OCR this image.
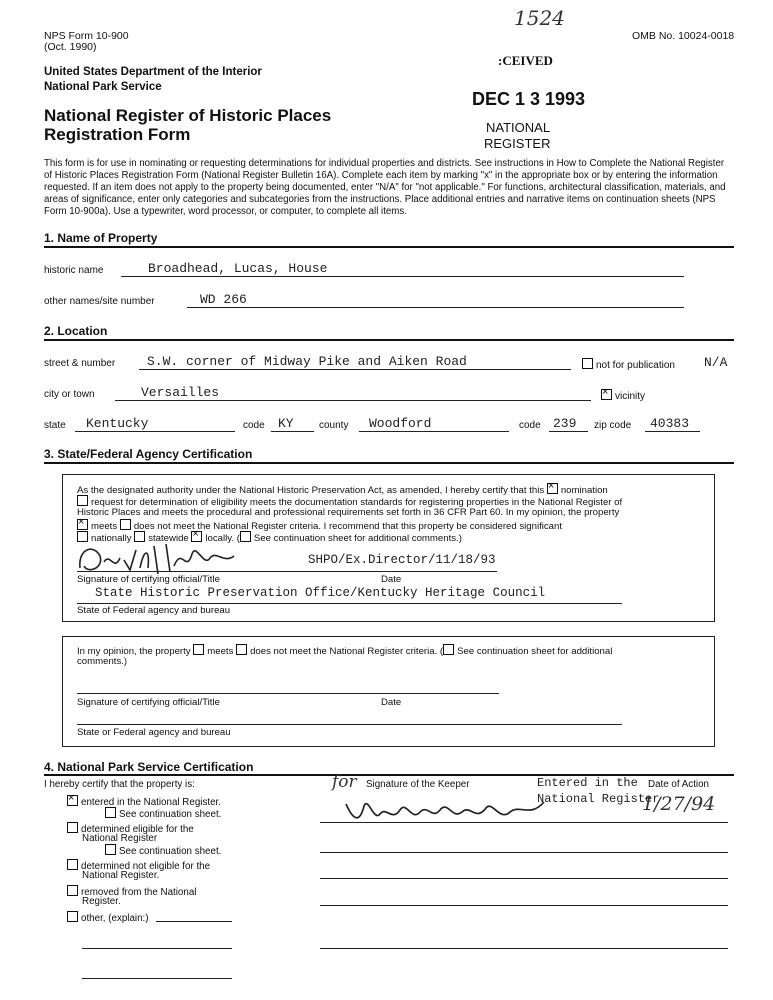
NPS Form 10-900
(Oct. 1990)
OMB No. 10024-0018
1524
United States Department of the Interior
National Park Service
National Register of Historic Places
Registration Form
:CEIVED
DEC 1 3 1993
NATIONAL
REGISTER
This form is for use in nominating or requesting determinations for individual properties and districts. See instructions in How to Complete the National Register of Historic Places Registration Form (National Register Bulletin 16A). Complete each item by marking "x" in the appropriate box or by entering the information requested. If an item does not apply to the property being documented, enter "N/A" for "not applicable." For functions, architectural classification, materials, and areas of significance, enter only categories and subcategories from the instructions. Place additional entries and narrative items on continuation sheets (NPS Form 10-900a). Use a typewriter, word processor, or computer, to complete all items.
1. Name of Property
historic name	Broadhead, Lucas, House
other names/site number	WD 266
2. Location
street & number S.W. corner of Midway Pike and Aiken Road	not for publication N/A
city or town	Versailles ×	vicinity
state Kentucky	code KY	county Woodford	code 239 zip code 40383
3. State/Federal Agency Certification
As the designated authority under the National Historic Preservation Act, as amended, I hereby certify that this × nomination
request for determination of eligibility meets the documentation standards for registering properties in the National Register of
Historic Places and meets the procedural and professional requirements set forth in 36 CFR Part 60. In my opinion, the property
×meets does not meet the National Register criteria. I recommend that this property be considered significant
nationally statewide × locally. ( See continuation sheet for additional comments.)
SHPO/Ex.Director/11/18/93
Signature of certifying official/Title	Date
State Historic Preservation Office/Kentucky Heritage Council
State of Federal agency and bureau
In my opinion, the property meets does not meet the National Register criteria. ( See continuation sheet for additional
comments.)
Signature of certifying official/Title	Date
State or Federal agency and bureau
4. National Park Service Certification
I hereby certify that the property is:
×entered in the National Register.
See continuation sheet.
determined eligible for the
National Register
See continuation sheet.
determined not eligible for the
National Register.
removed from the National
Register.
other, (explain:)
for Signature of the Keeper	Date of Action
Entered in the
National Register
1/27/94
